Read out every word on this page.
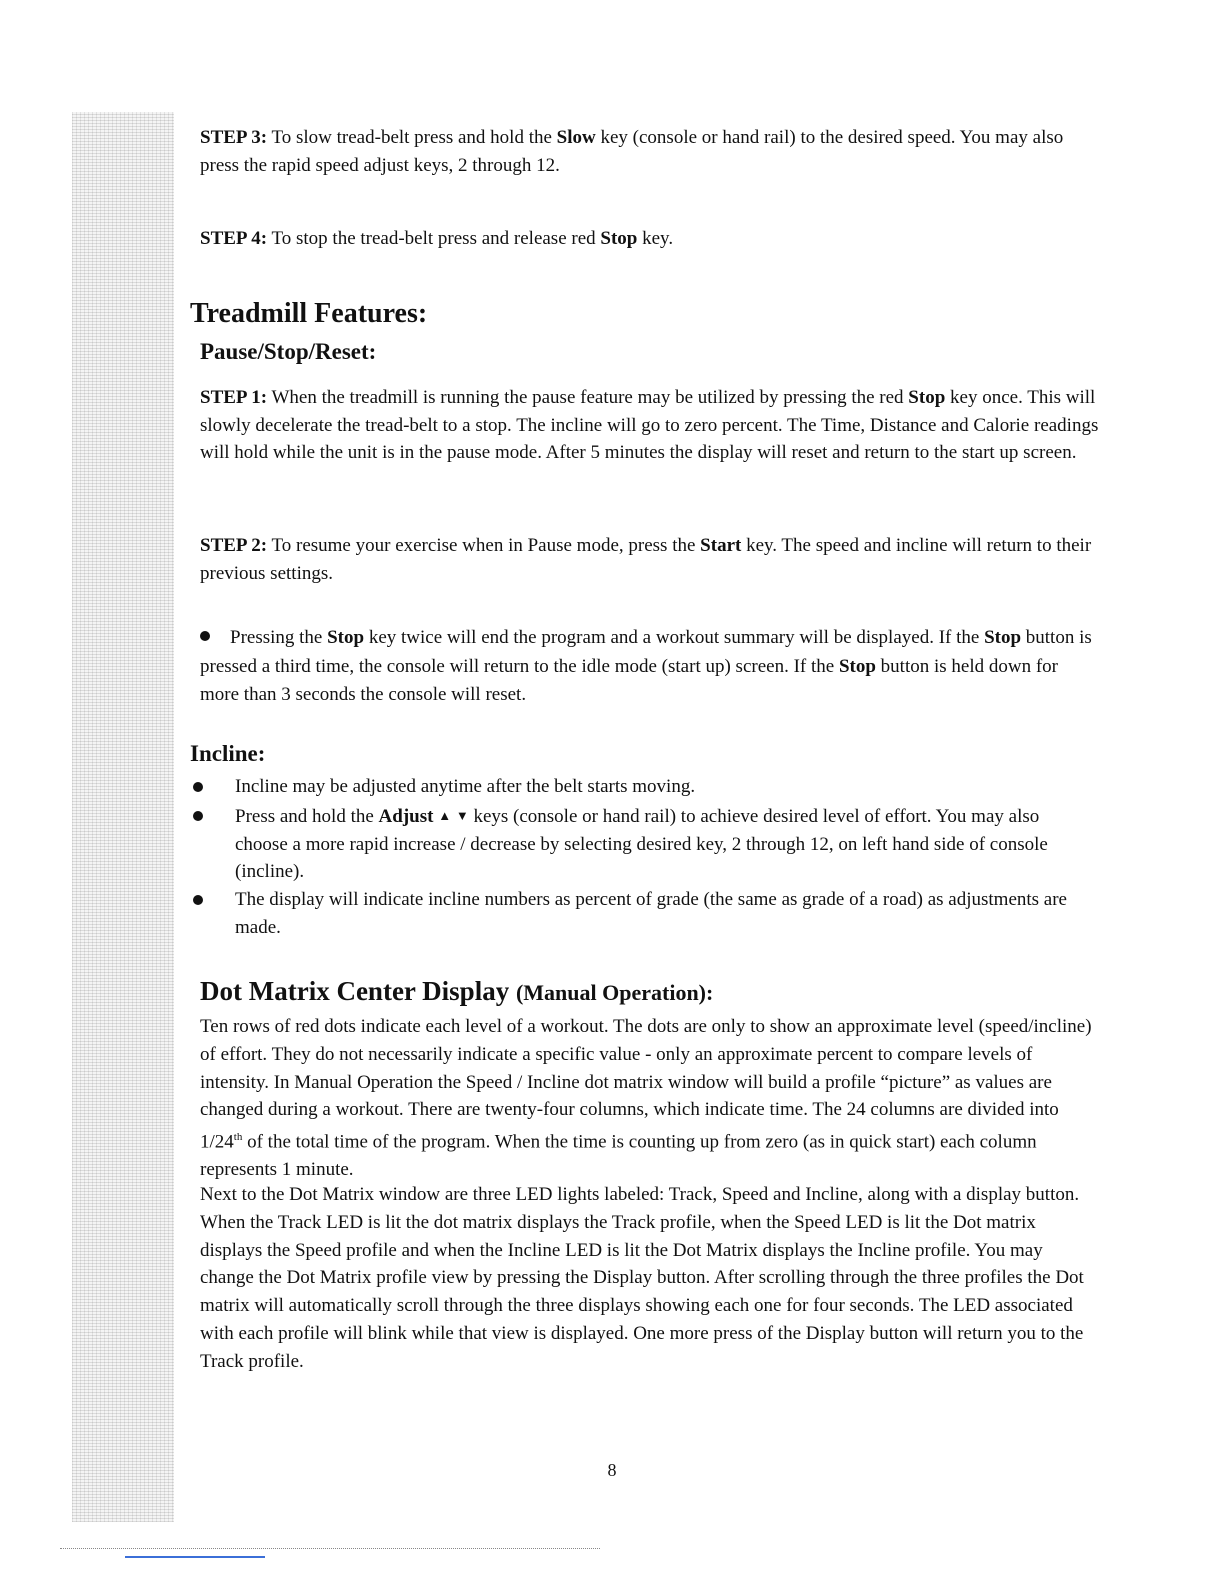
STEP 3: To slow tread-belt press and hold the Slow key (console or hand rail) to the desired speed. You may also press the rapid speed adjust keys, 2 through 12.

STEP 4: To stop the tread-belt press and release red Stop key.

Treadmill Features:
Pause/Stop/Reset:

STEP 1: When the treadmill is running the pause feature may be utilized by pressing the red Stop key once. This will slowly decelerate the tread-belt to a stop. The incline will go to zero percent. The Time, Distance and Calorie readings will hold while the unit is in the pause mode. After 5 minutes the display will reset and return to the start up screen.

STEP 2: To resume your exercise when in Pause mode, press the Start key. The speed and incline will return to their previous settings.

Pressing the Stop key twice will end the program and a workout summary will be displayed. If the Stop button is pressed a third time, the console will return to the idle mode (start up) screen. If the Stop button is held down for more than 3 seconds the console will reset.

Incline:
Incline may be adjusted anytime after the belt starts moving.
Press and hold the Adjust ▲ ▼ keys (console or hand rail) to achieve desired level of effort. You may also choose a more rapid increase / decrease by selecting desired key, 2 through 12, on left hand side of console (incline).
The display will indicate incline numbers as percent of grade (the same as grade of a road) as adjustments are made.
Dot Matrix Center Display (Manual Operation):

Ten rows of red dots indicate each level of a workout. The dots are only to show an approximate level (speed/incline) of effort. They do not necessarily indicate a specific value - only an approximate percent to compare levels of intensity. In Manual Operation the Speed / Incline dot matrix window will build a profile “picture” as values are changed during a workout. There are twenty-four columns, which indicate time. The 24 columns are divided into 1/24th of the total time of the program. When the time is counting up from zero (as in quick start) each column represents 1 minute.

Next to the Dot Matrix window are three LED lights labeled: Track, Speed and Incline, along with a display button. When the Track LED is lit the dot matrix displays the Track profile, when the Speed LED is lit the Dot matrix displays the Speed profile and when the Incline LED is lit the Dot Matrix displays the Incline profile. You may change the Dot Matrix profile view by pressing the Display button. After scrolling through the three profiles the Dot matrix will automatically scroll through the three displays showing each one for four seconds. The LED associated with each profile will blink while that view is displayed. One more press of the Display button will return you to the Track profile.

8
